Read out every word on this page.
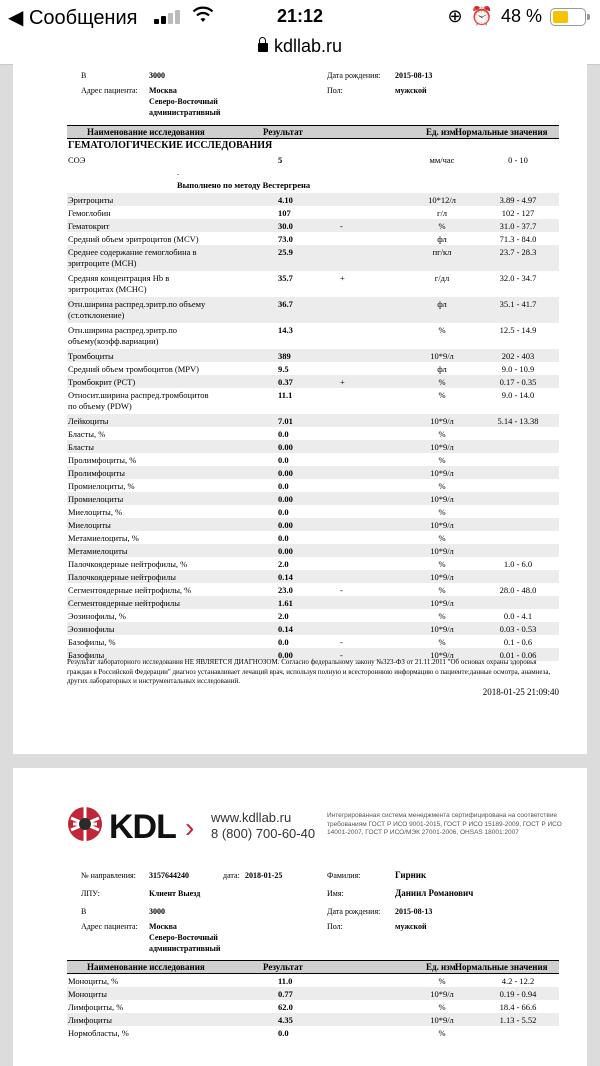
◀ Сообщения	21:12	⊕ ⏰ 48 %
kdllab.ru
В	3000	Дата рождения: 2015-08-13
Адрес пациента: Москва
Северо-Восточный
административный
Пол:	мужской
Наименование исследования	Результат	Ед. изм.
Нормальные значения
ГЕМАТОЛОГИЧЕСКИЕ ИССЛЕДОВАНИЯ
СОЭ	5	мм/час	0 - 10
Эритроциты	4.10	10*12/л	3.89 - 4.97
Гемоглобин	107	г/л	102 - 127
Гематокрит	30.0	-	%	31.0 - 37.7
Средний объем эритроцитов (MCV)	73.0	фл	71.3 - 84.0
Среднее содержание гемоглобина в
эритроците (MCH)
25.9	пг/кл	23.7 - 28.3
Средняя концентрация Hb в
эритроцитах (MCHC)
35.7	+	г/дл	32.0 - 34.7
Отн.ширина распред.эритр.по объему
(ст.отклонение)
36.7	фл	35.1 - 41.7
Отн.ширина распред.эритр.по
объему(коэфф.вариации)
14.3	%	12.5 - 14.9
Тромбоциты	389	10*9/л	202 - 403
Средний объем тромбоцитов (MPV)	9.5	фл	9.0 - 10.9
Тромбокрит (PCT)	0.37	+	%	0.17 - 0.35
Относит.ширина распред.тромбоцитов
по объему (PDW)
11.1	%	9.0 - 14.0
Лейкоциты	7.01	10*9/л	5.14 - 13.38
Бласты, %	0.0	%
Бласты	0.00	10*9/л
Пролимфоциты, %	0.0	%
Пролимфоциты	0.00	10*9/л
Промиелоциты, %	0.0	%
Промиелоциты	0.00	10*9/л
Миелоциты, %	0.0	%
Миелоциты	0.00	10*9/л
Метамиелоциты, %	0.0	%
Метамиелоциты	0.00	10*9/л
Палочкоядерные нейтрофилы, %	2.0	%	1.0 - 6.0
Палочкоядерные нейтрофилы	0.14	10*9/л
Сегментоядерные нейтрофилы, %	23.0	-	%	28.0 - 48.0
Сегментоядерные нейтрофилы	1.61	10*9/л
Эозинофилы, %	2.0	%	0.0 - 4.1
Эозинофилы	0.14	10*9/л	0.03 - 0.53
Базофилы, %	0.0	-	%	0.1 - 0.6
Базофилы	0.00	-	10*9/л	0.01 - 0.06
.
Выполнено по методу Вестергрена
Результат лабораторного исследования НЕ ЯВЛЯЕТСЯ ДИАГНОЗОМ. Согласно федеральному закону №323-ФЗ от 21.11.2011 "Об основах охраны здоровья граждан в Российской Федерации" диагноз устанавливает лечащий врач, используя полную и всестороннюю информацию о пациенте:данные осмотра, анамнеза, других лабораторных и инструментальных исследований.
2018-01-25 21:09:40
KDL › www.kdllab.ru
8 (800) 700-60-40
Интегрированная система менеджмента сертифицирована на соответствие требованиям ГОСТ Р ИСО 9001-2015, ГОСТ Р ИСО 15189-2009, ГОСТ Р ИСО 14001-2007, ГОСТ Р ИСО/МЭК 27001-2006, OHSAS 18001:2007
№ направления: 3157644240	дата: 2018-01-25	Фамилия:	Гирник
ЛПУ:	Клиент Выезд	Имя:	Даниил Романович
В	3000	Дата рождения: 2015-08-13
Адрес пациента: Москва
Северо-Восточный
административный
Пол:	мужской
Наименование исследования	Результат	Ед. изм.
Нормальные значения
Моноциты, %	11.0	%	4.2 - 12.2
Моноциты	0.77	10*9/л	0.19 - 0.94
Лимфоциты, %	62.0	%	18.4 - 66.6
Лимфоциты	4.35	10*9/л	1.13 - 5.52
Нормобласты, %	0.0	%
